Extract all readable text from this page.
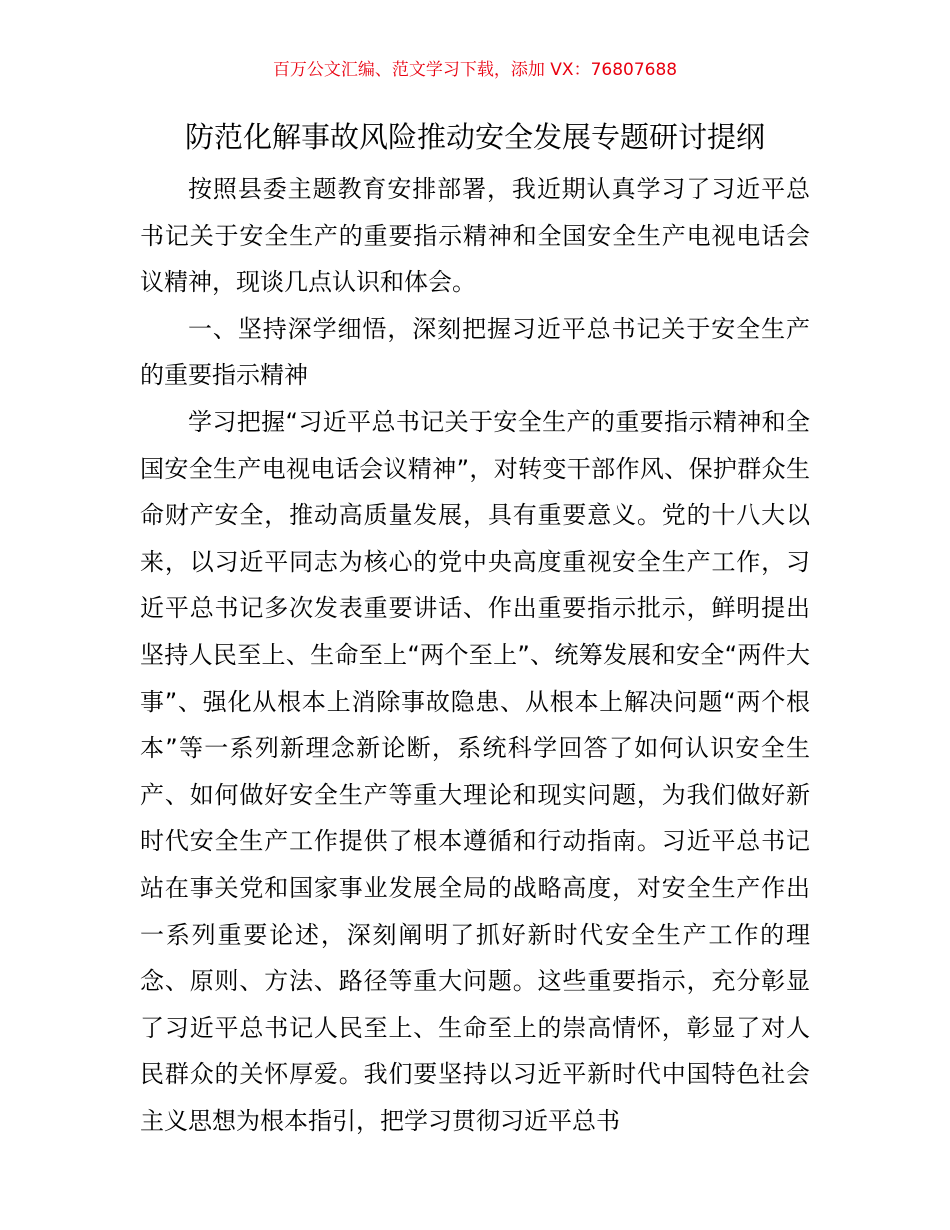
百万公文汇编、范文学习下载，添加 VX：76807688
防范化解事故风险推动安全发展专题研讨提纲

按照县委主题教育安排部署，我近期认真学习了习近平总书记关于安全生产的重要指示精神和全国安全生产电视电话会议精神，现谈几点认识和体会。

一、坚持深学细悟，深刻把握习近平总书记关于安全生产的重要指示精神

学习把握“习近平总书记关于安全生产的重要指示精神和全国安全生产电视电话会议精神”，对转变干部作风、保护群众生命财产安全，推动高质量发展，具有重要意义。党的十八大以来，以习近平同志为核心的党中央高度重视安全生产工作，习近平总书记多次发表重要讲话、作出重要指示批示，鲜明提出坚持人民至上、生命至上“两个至上”、统筹发展和安全“两件大事”、强化从根本上消除事故隐患、从根本上解决问题“两个根本”等一系列新理念新论断，系统科学回答了如何认识安全生产、如何做好安全生产等重大理论和现实问题，为我们做好新时代安全生产工作提供了根本遵循和行动指南。习近平总书记站在事关党和国家事业发展全局的战略高度，对安全生产作出一系列重要论述，深刻阐明了抓好新时代安全生产工作的理念、原则、方法、路径等重大问题。这些重要指示，充分彰显了习近平总书记人民至上、生命至上的崇高情怀，彰显了对人民群众的关怀厚爱。我们要坚持以习近平新时代中国特色社会主义思想为根本指引，把学习贯彻习近平总书
